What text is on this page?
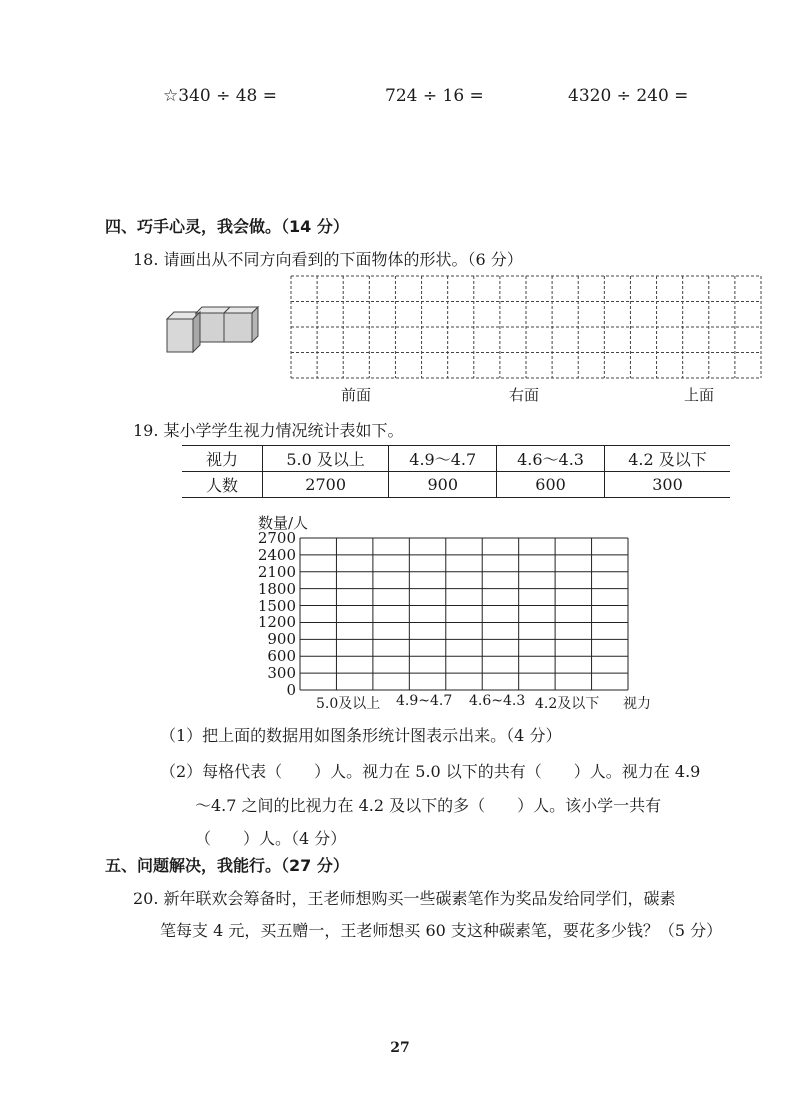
☆340 ÷ 48 =	724 ÷ 16 =	4320 ÷ 240 =
四、巧手心灵，我会做。（14 分）
18. 请画出从不同方向看到的下面物体的形状。（6 分）
前面	右面	上面
19. 某小学学生视力情况统计表如下。
视力	5.0 及以上	4.9～4.7	4.6～4.3	4.2 及以下
人数	2700	900	600	300
数量/人
2700
2400
2100
1800
1500
1200
900
600
300
0
5.0及以上 4.9~4.7 4.6~4.3 4.2及以下 视力
（1）把上面的数据用如图条形统计图表示出来。（4 分）
（2）每格代表（　　）人。视力在 5.0 以下的共有（　　）人。视力在 4.9
～4.7 之间的比视力在 4.2 及以下的多（　　）人。该小学一共有
（　　）人。（4 分）
五、问题解决，我能行。（27 分）
20. 新年联欢会筹备时，王老师想购买一些碳素笔作为奖品发给同学们，碳素
笔每支 4 元，买五赠一，王老师想买 60 支这种碳素笔，要花多少钱？（5 分）
27
